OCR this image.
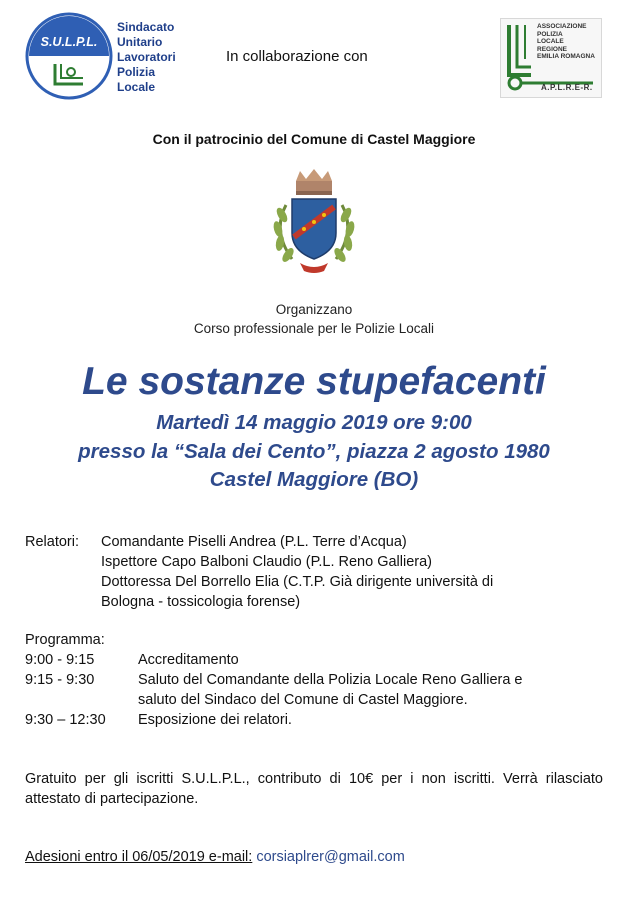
S.U.L.P.L.
Sindacato
Unitario
Lavoratori
Polizia
Locale
In collaborazione con
ASSOCIAZIONE
POLIZIA
LOCALE
REGIONE
EMILIA ROMAGNA
A.P.L.R.E-R.
Con il patrocinio del Comune di Castel Maggiore
Organizzano
Corso professionale per le Polizie Locali
Le sostanze stupefacenti
Martedì 14 maggio 2019 ore 9:00
presso la “Sala dei Cento”, piazza 2 agosto 1980
Castel Maggiore (BO)
Relatori: Comandante Piselli Andrea (P.L. Terre d’Acqua)
Ispettore Capo Balboni Claudio (P.L. Reno Galliera)
Dottoressa Del Borrello Elia (C.T.P. Già dirigente università di
Bologna - tossicologia forense)
Programma:
9:00 - 9:15	Accreditamento
9:15 - 9:30	Saluto del Comandante della Polizia Locale Reno Galliera e
saluto del Sindaco del Comune di Castel Maggiore.
9:30 – 12:30 Esposizione dei relatori.
Gratuito per gli iscritti S.U.L.P.L., contributo di 10€ per i non iscritti. Verrà rilasciato attestato di partecipazione.
Adesioni entro il 06/05/2019 e-mail: corsiaplrer@gmail.com
